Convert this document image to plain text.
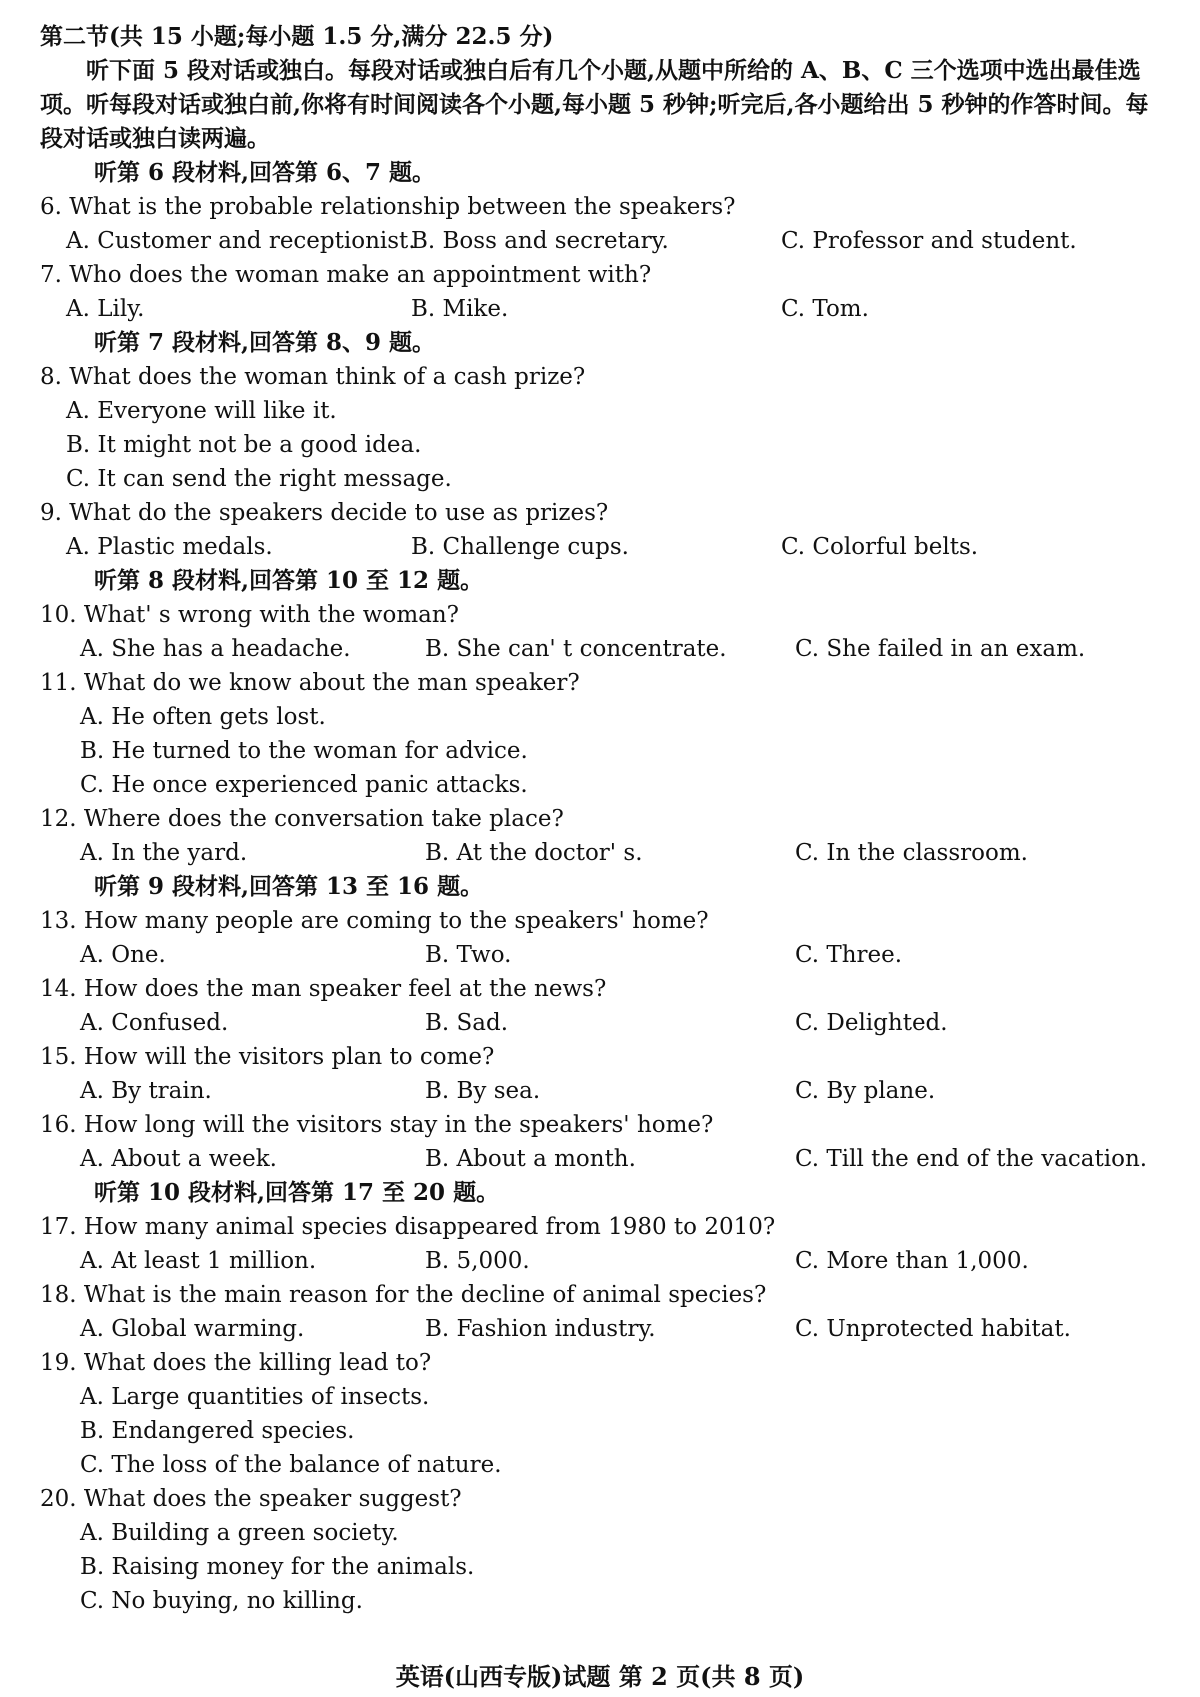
第二节(共 15 小题;每小题 1.5 分,满分 22.5 分)
听下面 5 段对话或独白。每段对话或独白后有几个小题,从题中所给的 A、B、C 三个选项中选出最佳选项。听每段对话或独白前,你将有时间阅读各个小题,每小题 5 秒钟;听完后,各小题给出 5 秒钟的作答时间。每段对话或独白读两遍。
听第 6 段材料,回答第 6、7 题。
6. What is the probable relationship between the speakers?
A. Customer and receptionist.
B. Boss and secretary.	C. Professor and student.
7. Who does the woman make an appointment with?
A. Lily.	B. Mike.	C. Tom.
听第 7 段材料,回答第 8、9 题。
8. What does the woman think of a cash prize?
A. Everyone will like it.
B. It might not be a good idea.
C. It can send the right message.
9. What do the speakers decide to use as prizes?
A. Plastic medals.	B. Challenge cups.	C. Colorful belts.
听第 8 段材料,回答第 10 至 12 题。
10. What' s wrong with the woman?
A. She has a headache.	B. She can' t concentrate.	C. She failed in an exam.
11. What do we know about the man speaker?
A. He often gets lost.
B. He turned to the woman for advice.
C. He once experienced panic attacks.
12. Where does the conversation take place?
A. In the yard.	B. At the doctor' s.	C. In the classroom.
听第 9 段材料,回答第 13 至 16 题。
13. How many people are coming to the speakers' home?
A. One.	B. Two.	C. Three.
14. How does the man speaker feel at the news?
A. Confused.	B. Sad.	C. Delighted.
15. How will the visitors plan to come?
A. By train.	B. By sea.	C. By plane.
16. How long will the visitors stay in the speakers' home?
A. About a week.	B. About a month.	C. Till the end of the vacation.
听第 10 段材料,回答第 17 至 20 题。
17. How many animal species disappeared from 1980 to 2010?
A. At least 1 million.	B. 5,000.	C. More than 1,000.
18. What is the main reason for the decline of animal species?
A. Global warming.	B. Fashion industry.	C. Unprotected habitat.
19. What does the killing lead to?
A. Large quantities of insects.
B. Endangered species.
C. The loss of the balance of nature.
20. What does the speaker suggest?
A. Building a green society.
B. Raising money for the animals.
C. No buying, no killing.
英语(山西专版)试题 第 2 页(共 8 页)
